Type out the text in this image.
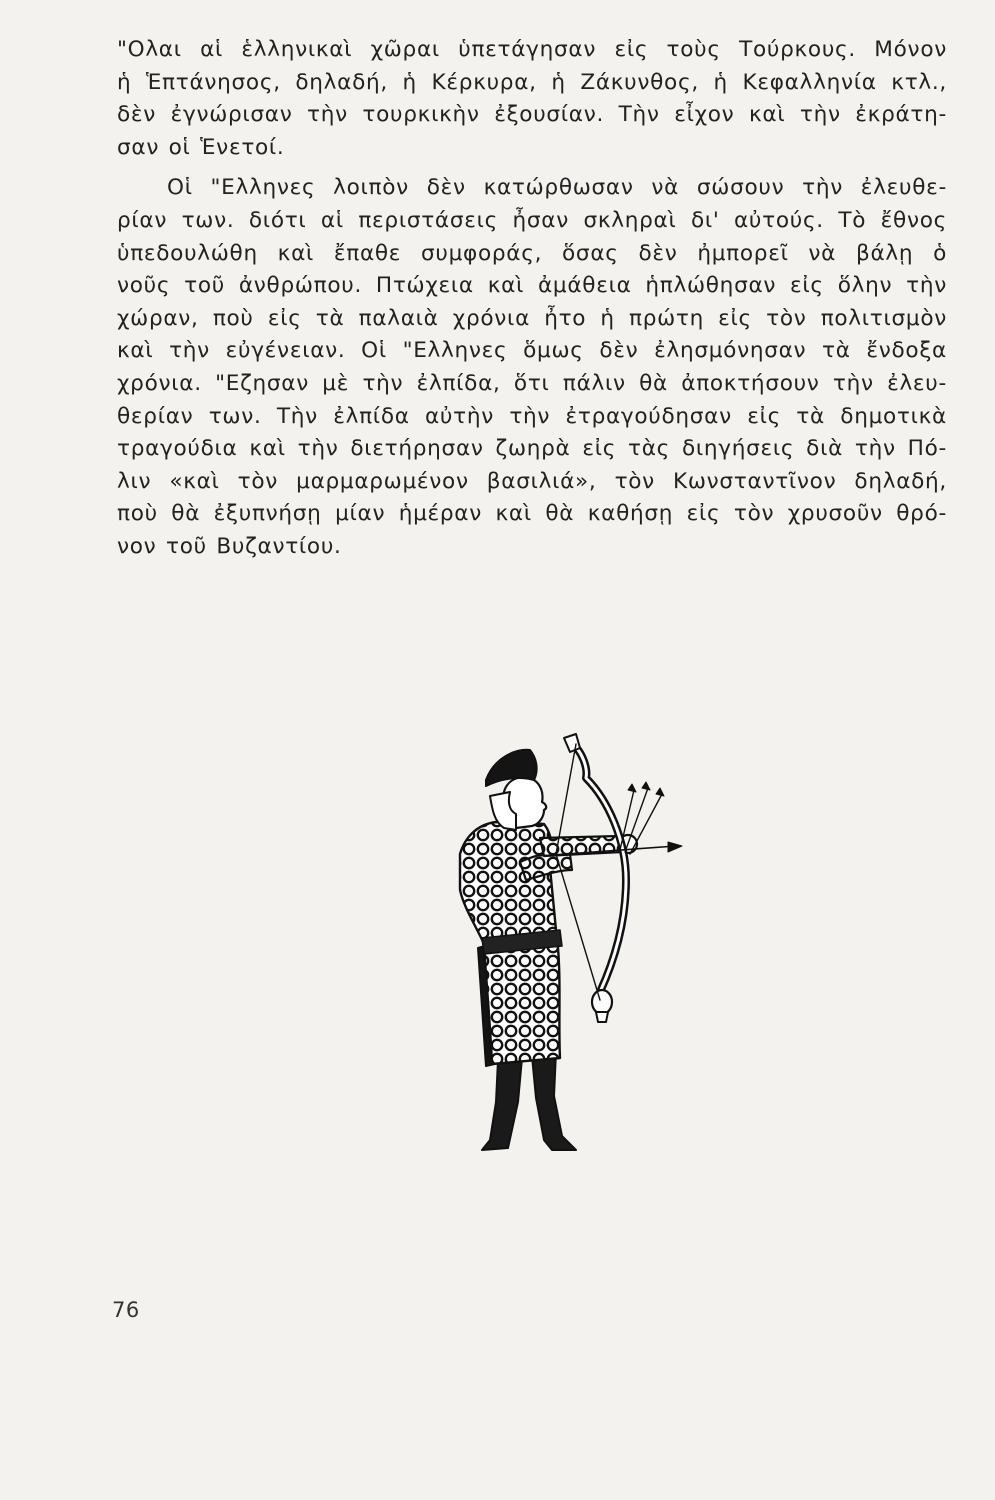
"Ολαι αἱ ἑλληνικαὶ χῶραι ὑπετάγησαν εἰς τοὺς Τούρκους. Μόνον
ἡ Ἑπτάνησος, δηλαδή, ἡ Κέρκυρα, ἡ Ζάκυνθος, ἡ Κεφαλληνία κτλ.,
δὲν ἐγνώρισαν τὴν τουρκικὴν ἐξουσίαν. Τὴν εἶχον καὶ τὴν ἐκράτη-
σαν οἱ Ἑνετοί.

Οἱ "Ελληνες λοιπὸν δὲν κατώρθωσαν νὰ σώσουν τὴν ἐλευθε-
ρίαν των. διότι αἱ περιστάσεις ἦσαν σκληραὶ δι' αὐτούς. Τὸ ἔθνος
ὑπεδουλώθη καὶ ἔπαθε συμφοράς, ὅσας δὲν ἠμπορεῖ νὰ βάλῃ ὁ
νοῦς τοῦ ἀνθρώπου. Πτώχεια καὶ ἀμάθεια ἡπλώθησαν εἰς ὅλην τὴν
χώραν, ποὺ εἰς τὰ παλαιὰ χρόνια ἦτο ἡ πρώτη εἰς τὸν πολιτισμὸν
καὶ τὴν εὐγένειαν. Οἱ "Ελληνες ὅμως δὲν ἐλησμόνησαν τὰ ἔνδοξα
χρόνια. "Εζησαν μὲ τὴν ἐλπίδα, ὅτι πάλιν θὰ ἀποκτήσουν τὴν ἐλευ-
θερίαν των. Τὴν ἐλπίδα αὐτὴν τὴν ἐτραγούδησαν εἰς τὰ δημοτικὰ
τραγούδια καὶ τὴν διετήρησαν ζωηρὰ εἰς τὰς διηγήσεις διὰ τὴν Πό-
λιν «καὶ τὸν μαρμαρωμένον βασιλιά», τὸν Κωνσταντῖνον δηλαδή,
ποὺ θὰ ἐξυπνήσῃ μίαν ἡμέραν καὶ θὰ καθήσῃ εἰς τὸν χρυσοῦν θρό-
νον τοῦ Βυζαντίου.

76
